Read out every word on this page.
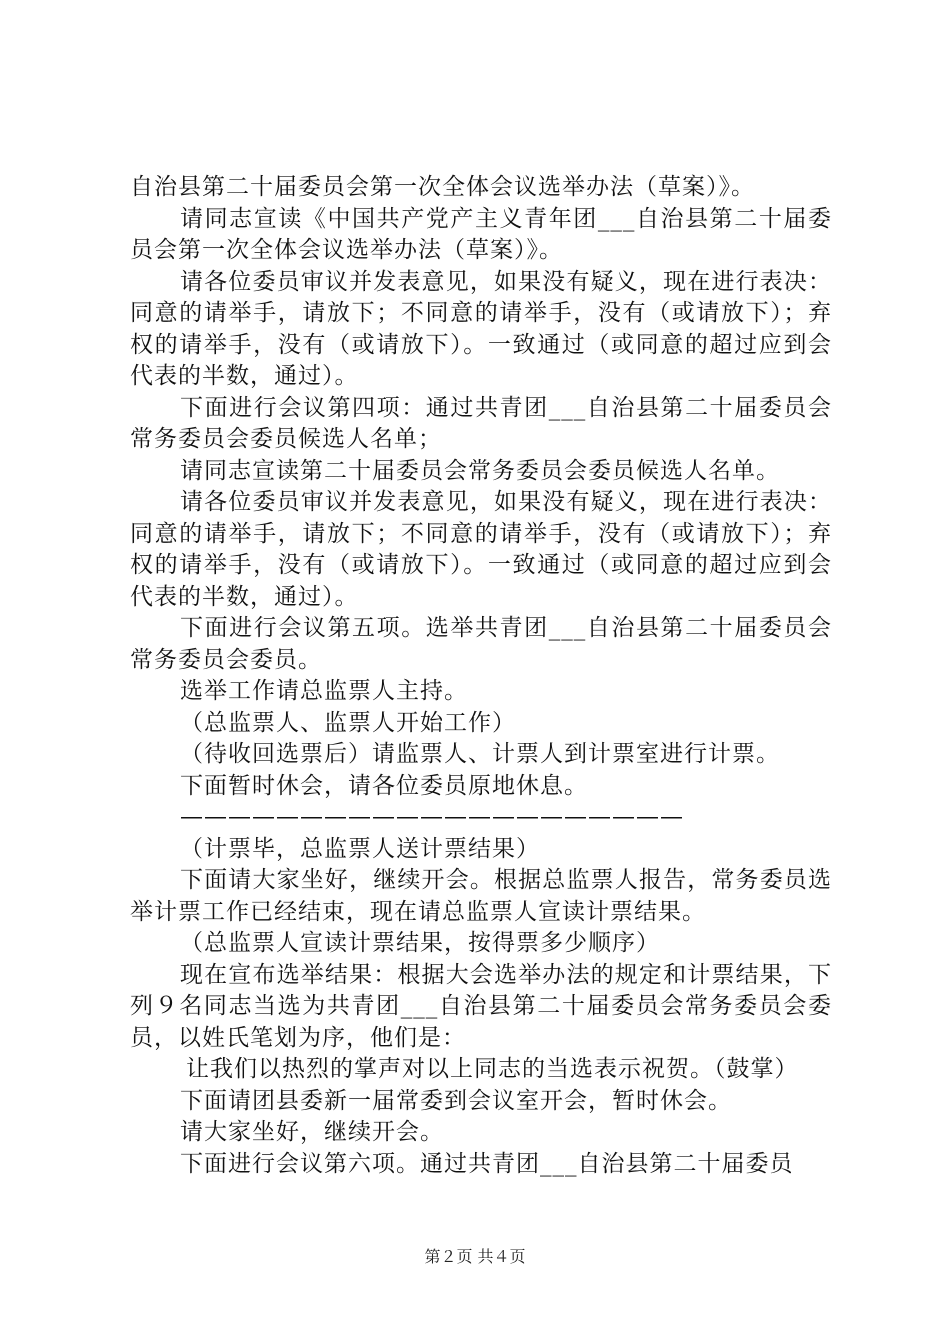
自治县第二十届委员会第一次全体会议选举办法（草案）》。

请同志宣读《中国共产党产主义青年团___自治县第二十届委员会第一次全体会议选举办法（草案）》。

请各位委员审议并发表意见，如果没有疑义，现在进行表决：同意的请举手，请放下；不同意的请举手，没有（或请放下）；弃权的请举手，没有（或请放下）。一致通过（或同意的超过应到会代表的半数，通过）。

下面进行会议第四项：通过共青团___自治县第二十届委员会常务委员会委员候选人名单；

请同志宣读第二十届委员会常务委员会委员候选人名单。

请各位委员审议并发表意见，如果没有疑义，现在进行表决：同意的请举手，请放下；不同意的请举手，没有（或请放下）；弃权的请举手，没有（或请放下）。一致通过（或同意的超过应到会代表的半数，通过）。

下面进行会议第五项。选举共青团___自治县第二十届委员会常务委员会委员。

选举工作请总监票人主持。

（总监票人、监票人开始工作）

（待收回选票后）请监票人、计票人到计票室进行计票。

下面暂时休会，请各位委员原地休息。

—————————————————————

（计票毕，总监票人送计票结果）

下面请大家坐好，继续开会。根据总监票人报告，常务委员选举计票工作已经结束，现在请总监票人宣读计票结果。

（总监票人宣读计票结果，按得票多少顺序）

现在宣布选举结果：根据大会选举办法的规定和计票结果，下列９名同志当选为共青团___自治县第二十届委员会常务委员会委员，以姓氏笔划为序，他们是：

让我们以热烈的掌声对以上同志的当选表示祝贺。（鼓掌）

下面请团县委新一届常委到会议室开会，暂时休会。

请大家坐好，继续开会。

下面进行会议第六项。通过共青团___自治县第二十届委员

第２页 共４页
